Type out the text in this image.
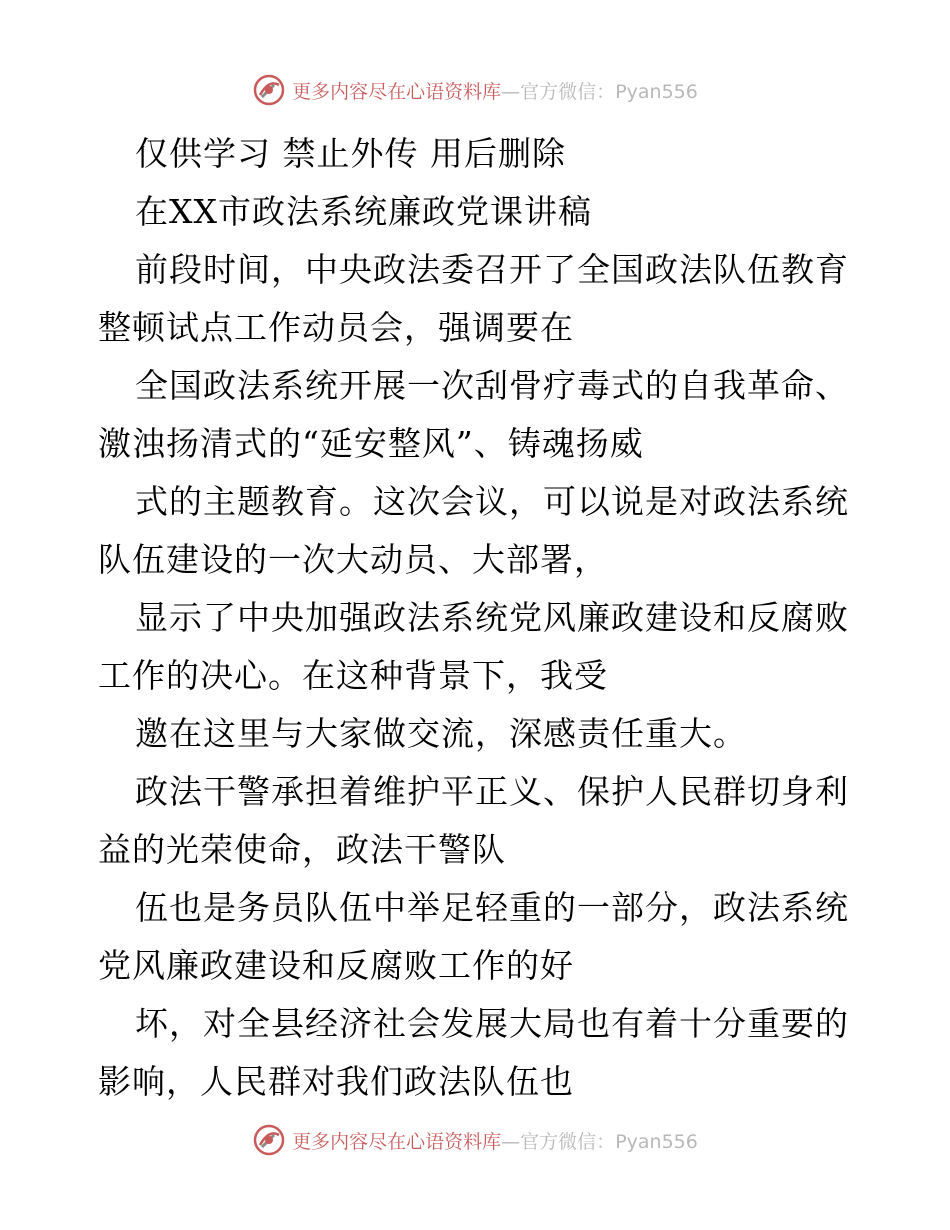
更多内容尽在心语资料库—官方微信：Pyan556
仅供学习 禁止外传 用后删除
在XX市政法系统廉政党课讲稿
前段时间，中央政法委召开了全国政法队伍教育
整顿试点工作动员会，强调要在
全国政法系统开展一次刮骨疗毒式的自我革命、
激浊扬清式的“延安整风”、铸魂扬威
式的主题教育。这次会议，可以说是对政法系统
队伍建设的一次大动员、大部署，
显示了中央加强政法系统党风廉政建设和反腐败
工作的决心。在这种背景下，我受
邀在这里与大家做交流，深感责任重大。
政法干警承担着维护平正义、保护人民群切身利
益的光荣使命，政法干警队
伍也是务员队伍中举足轻重的一部分，政法系统
党风廉政建设和反腐败工作的好
坏，对全县经济社会发展大局也有着十分重要的
影响，人民群对我们政法队伍也
更多内容尽在心语资料库—官方微信：Pyan556
